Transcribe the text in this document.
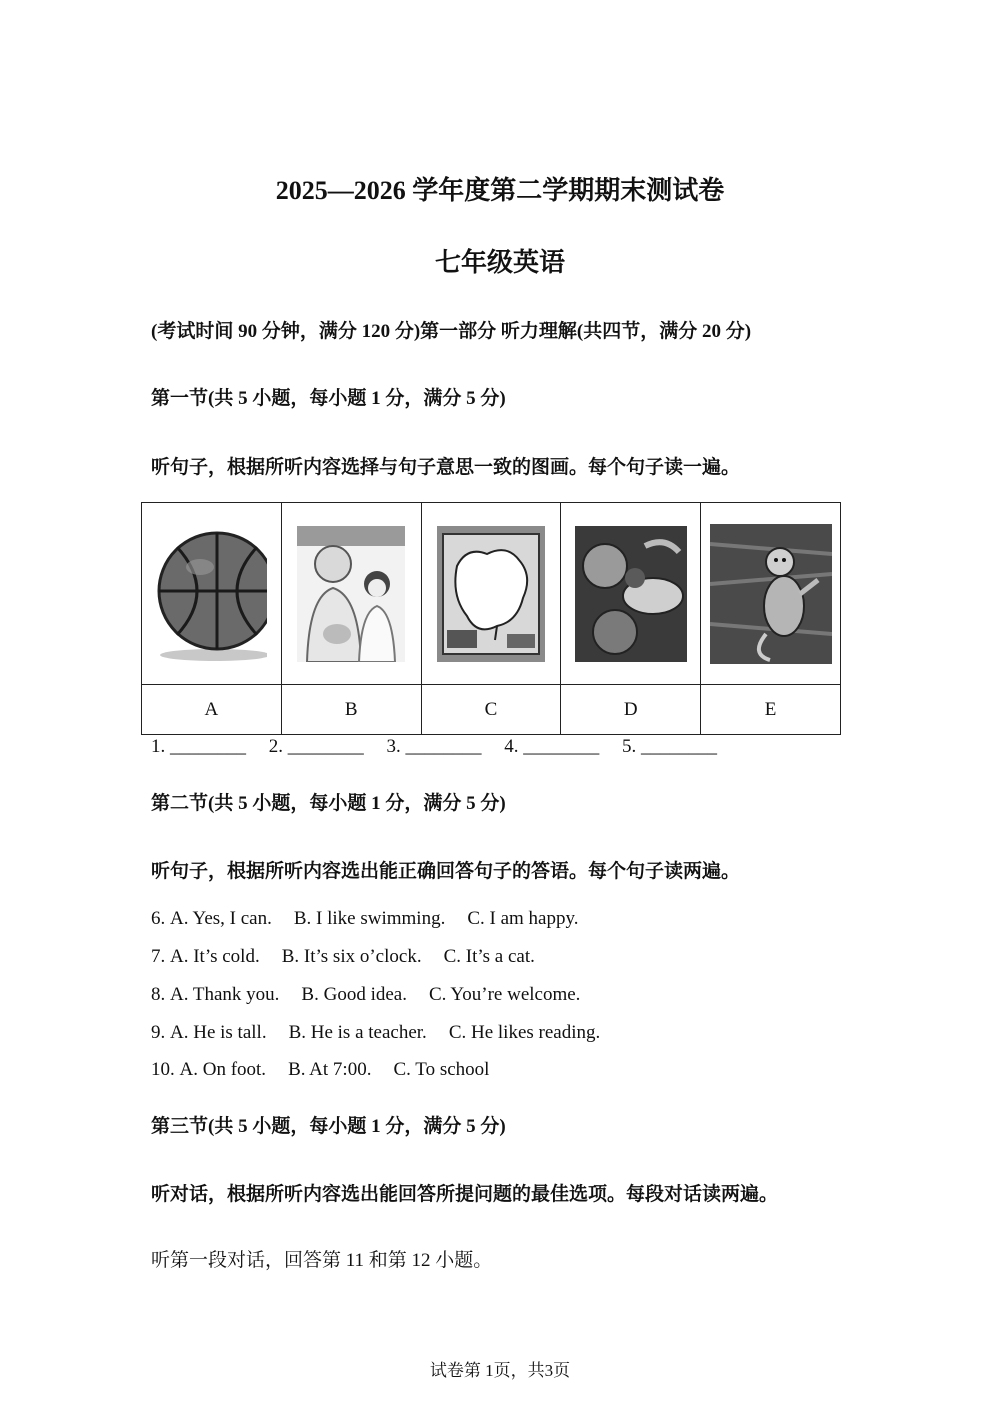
2025—2026 学年度第二学期期末测试卷
七年级英语
(考试时间 90 分钟，满分 120 分)第一部分 听力理解(共四节，满分 20 分)
第一节(共 5 小题，每小题 1 分，满分 5 分)
听句子，根据所听内容选择与句子意思一致的图画。每个句子读一遍。

A	B	C	D	E
1. ________ 2. ________ 3. ________ 4. ________ 5. ________
第二节(共 5 小题，每小题 1 分，满分 5 分)
听句子，根据所听内容选出能正确回答句子的答语。每个句子读两遍。
6. A. Yes, I can. B. I like swimming. C. I am happy.
7. A. It’s cold. B. It’s six o’clock. C. It’s a cat.
8. A. Thank you. B. Good idea. C. You’re welcome.
9. A. He is tall. B. He is a teacher. C. He likes reading.
10. A. On foot. B. At 7:00. C. To school
第三节(共 5 小题，每小题 1 分，满分 5 分)
听对话，根据所听内容选出能回答所提问题的最佳选项。每段对话读两遍。
听第一段对话，回答第 11 和第 12 小题。
试卷第 1页，共3页
